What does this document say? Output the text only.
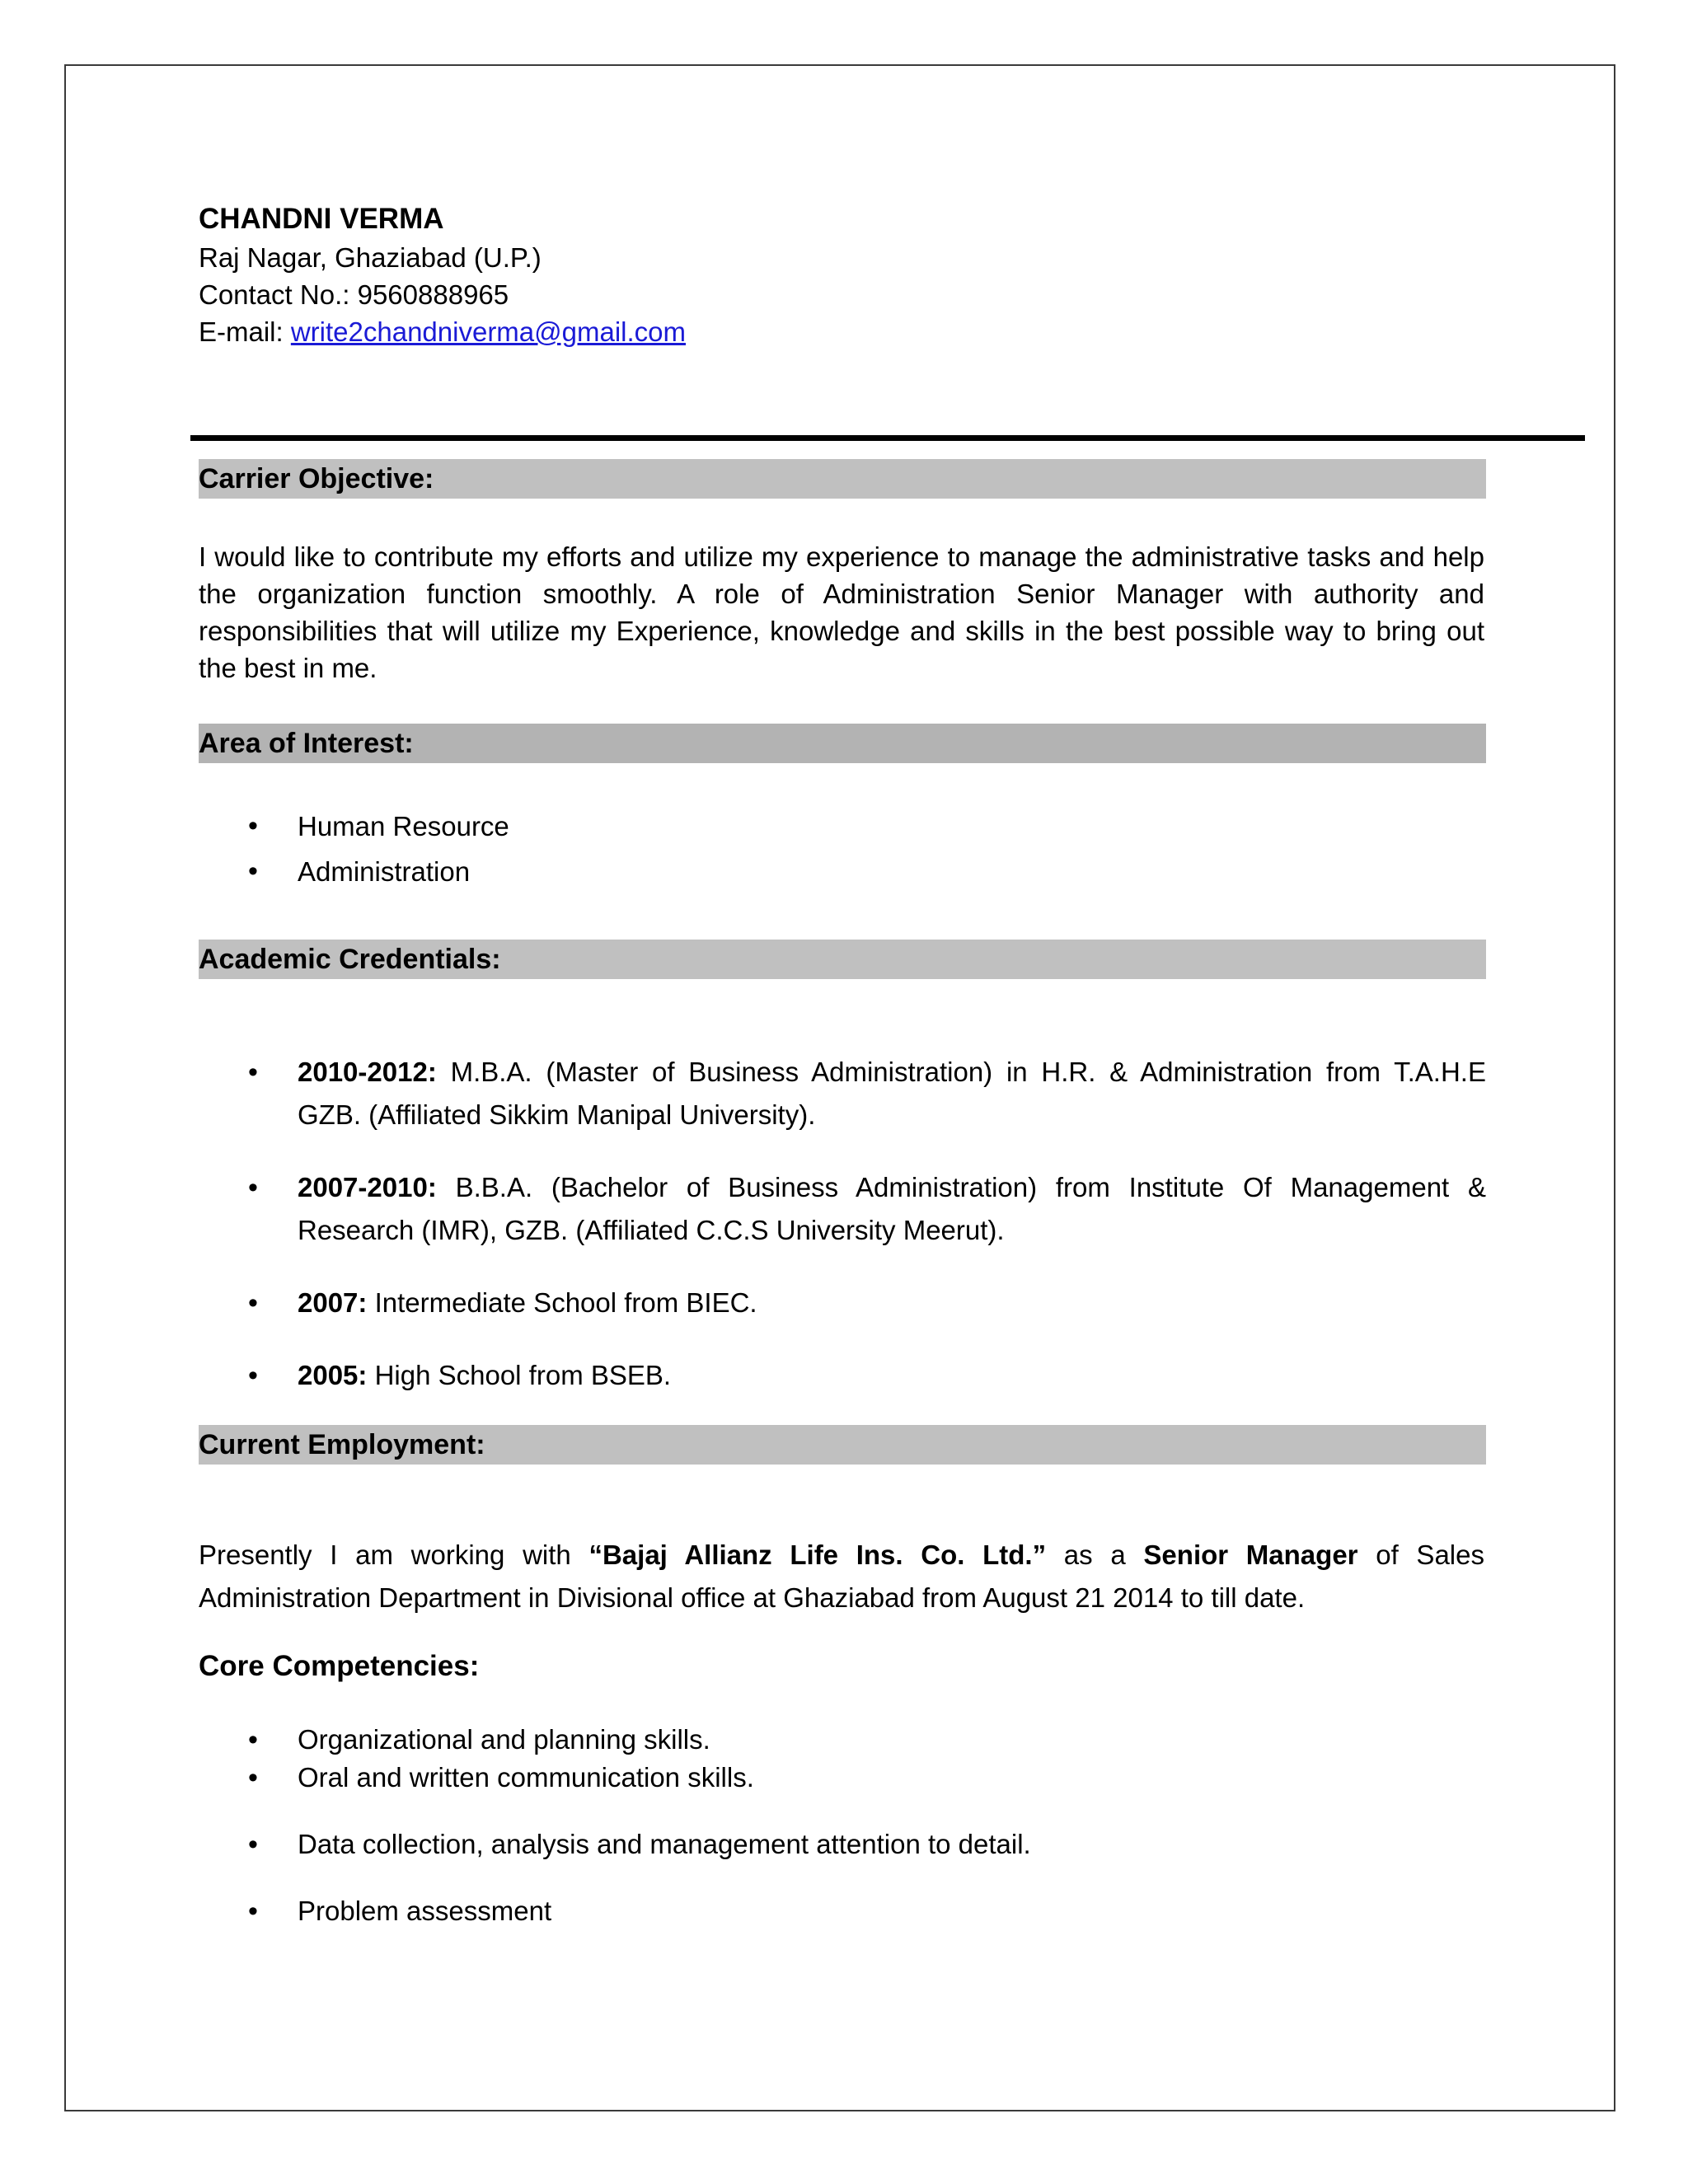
CHANDNI VERMA
Raj Nagar, Ghaziabad (U.P.)
Contact No.: 9560888965
E-mail: write2chandniverma@gmail.com
Carrier Objective:
I would like to contribute my efforts and utilize my experience to manage the administrative tasks and help the organization function smoothly. A role of Administration Senior Manager with authority and responsibilities that will utilize my Experience, knowledge and skills in the best possible way to bring out the best in me.
Area of Interest:
• Human Resource
• Administration
Academic Credentials:
• 2010-2012: M.B.A. (Master of Business Administration) in H.R. & Administration from T.A.H.E GZB. (Affiliated Sikkim Manipal University).
• 2007-2010: B.B.A. (Bachelor of Business Administration) from Institute Of Management & Research (IMR), GZB. (Affiliated C.C.S University Meerut).
• 2007: Intermediate School from BIEC.
• 2005: High School from BSEB.
Current Employment:
Presently I am working with “Bajaj Allianz Life Ins. Co. Ltd.” as a Senior Manager of Sales Administration Department in Divisional office at Ghaziabad from August 21 2014 to till date.
Core Competencies:
• Organizational and planning skills.
• Oral and written communication skills.
• Data collection, analysis and management attention to detail.
• Problem assessment
